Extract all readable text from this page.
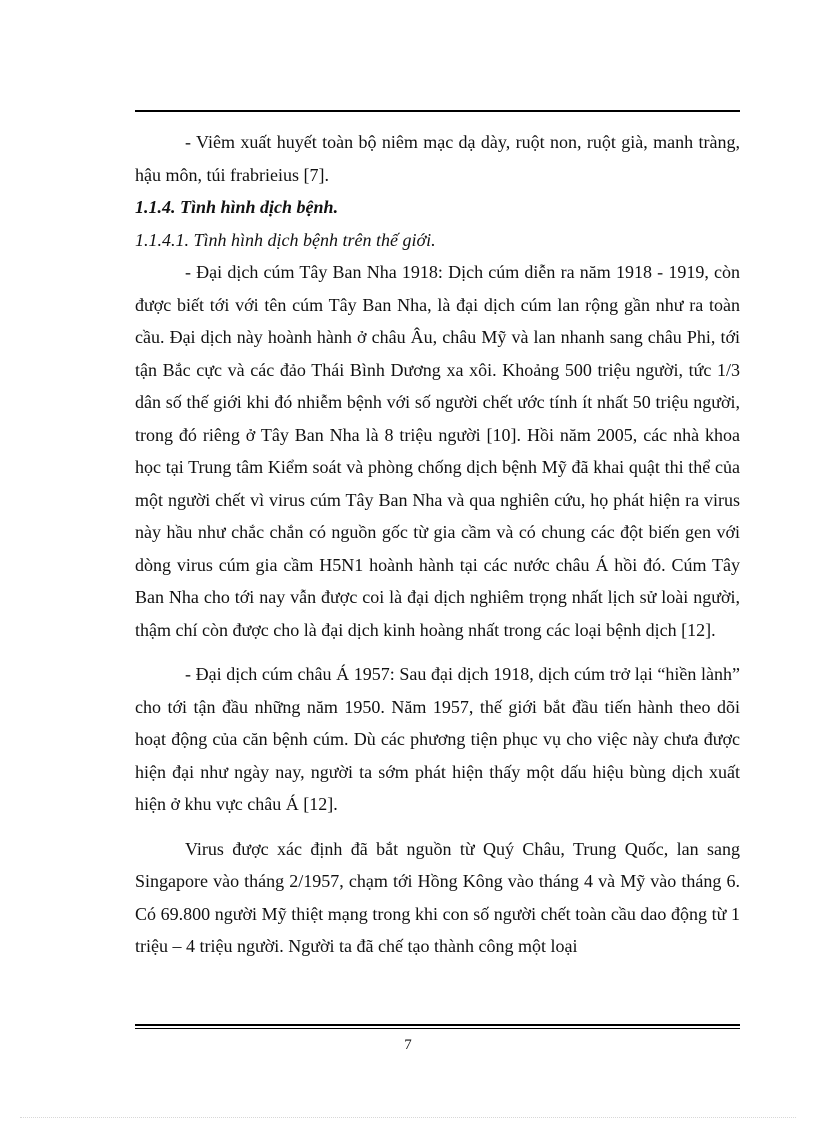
- Viêm xuất huyết toàn bộ niêm mạc dạ dày, ruột non, ruột già, manh tràng, hậu môn, túi frabrieius [7].

1.1.4. Tình hình dịch bệnh.

1.1.4.1. Tình hình dịch bệnh trên thế giới.

- Đại dịch cúm Tây Ban Nha 1918: Dịch cúm diễn ra năm 1918 - 1919, còn được biết tới với tên cúm Tây Ban Nha, là đại dịch cúm lan rộng gần như ra toàn cầu. Đại dịch này hoành hành ở châu Âu, châu Mỹ và lan nhanh sang châu Phi, tới tận Bắc cực và các đảo Thái Bình Dương xa xôi. Khoảng 500 triệu người, tức 1/3 dân số thế giới khi đó nhiễm bệnh với số người chết ước tính ít nhất 50 triệu người, trong đó riêng ở Tây Ban Nha là 8 triệu người [10]. Hồi năm 2005, các nhà khoa học tại Trung tâm Kiểm soát và phòng chống dịch bệnh Mỹ đã khai quật thi thể của một người chết vì virus cúm Tây Ban Nha và qua nghiên cứu, họ phát hiện ra virus này hầu như chắc chắn có nguồn gốc từ gia cầm và có chung các đột biến gen với dòng virus cúm gia cầm H5N1 hoành hành tại các nước châu Á hồi đó. Cúm Tây Ban Nha cho tới nay vẫn được coi là đại dịch nghiêm trọng nhất lịch sử loài người, thậm chí còn được cho là đại dịch kinh hoàng nhất trong các loại bệnh dịch [12].

- Đại dịch cúm châu Á 1957: Sau đại dịch 1918, dịch cúm trở lại “hiền lành” cho tới tận đầu những năm 1950. Năm 1957, thế giới bắt đầu tiến hành theo dõi hoạt động của căn bệnh cúm. Dù các phương tiện phục vụ cho việc này chưa được hiện đại như ngày nay, người ta sớm phát hiện thấy một dấu hiệu bùng dịch xuất hiện ở khu vực châu Á [12].

Virus được xác định đã bắt nguồn từ Quý Châu, Trung Quốc, lan sang Singapore vào tháng 2/1957, chạm tới Hồng Kông vào tháng 4 và Mỹ vào tháng 6. Có 69.800 người Mỹ thiệt mạng trong khi con số người chết toàn cầu dao động từ 1 triệu – 4 triệu người. Người ta đã chế tạo thành công một loại

7
